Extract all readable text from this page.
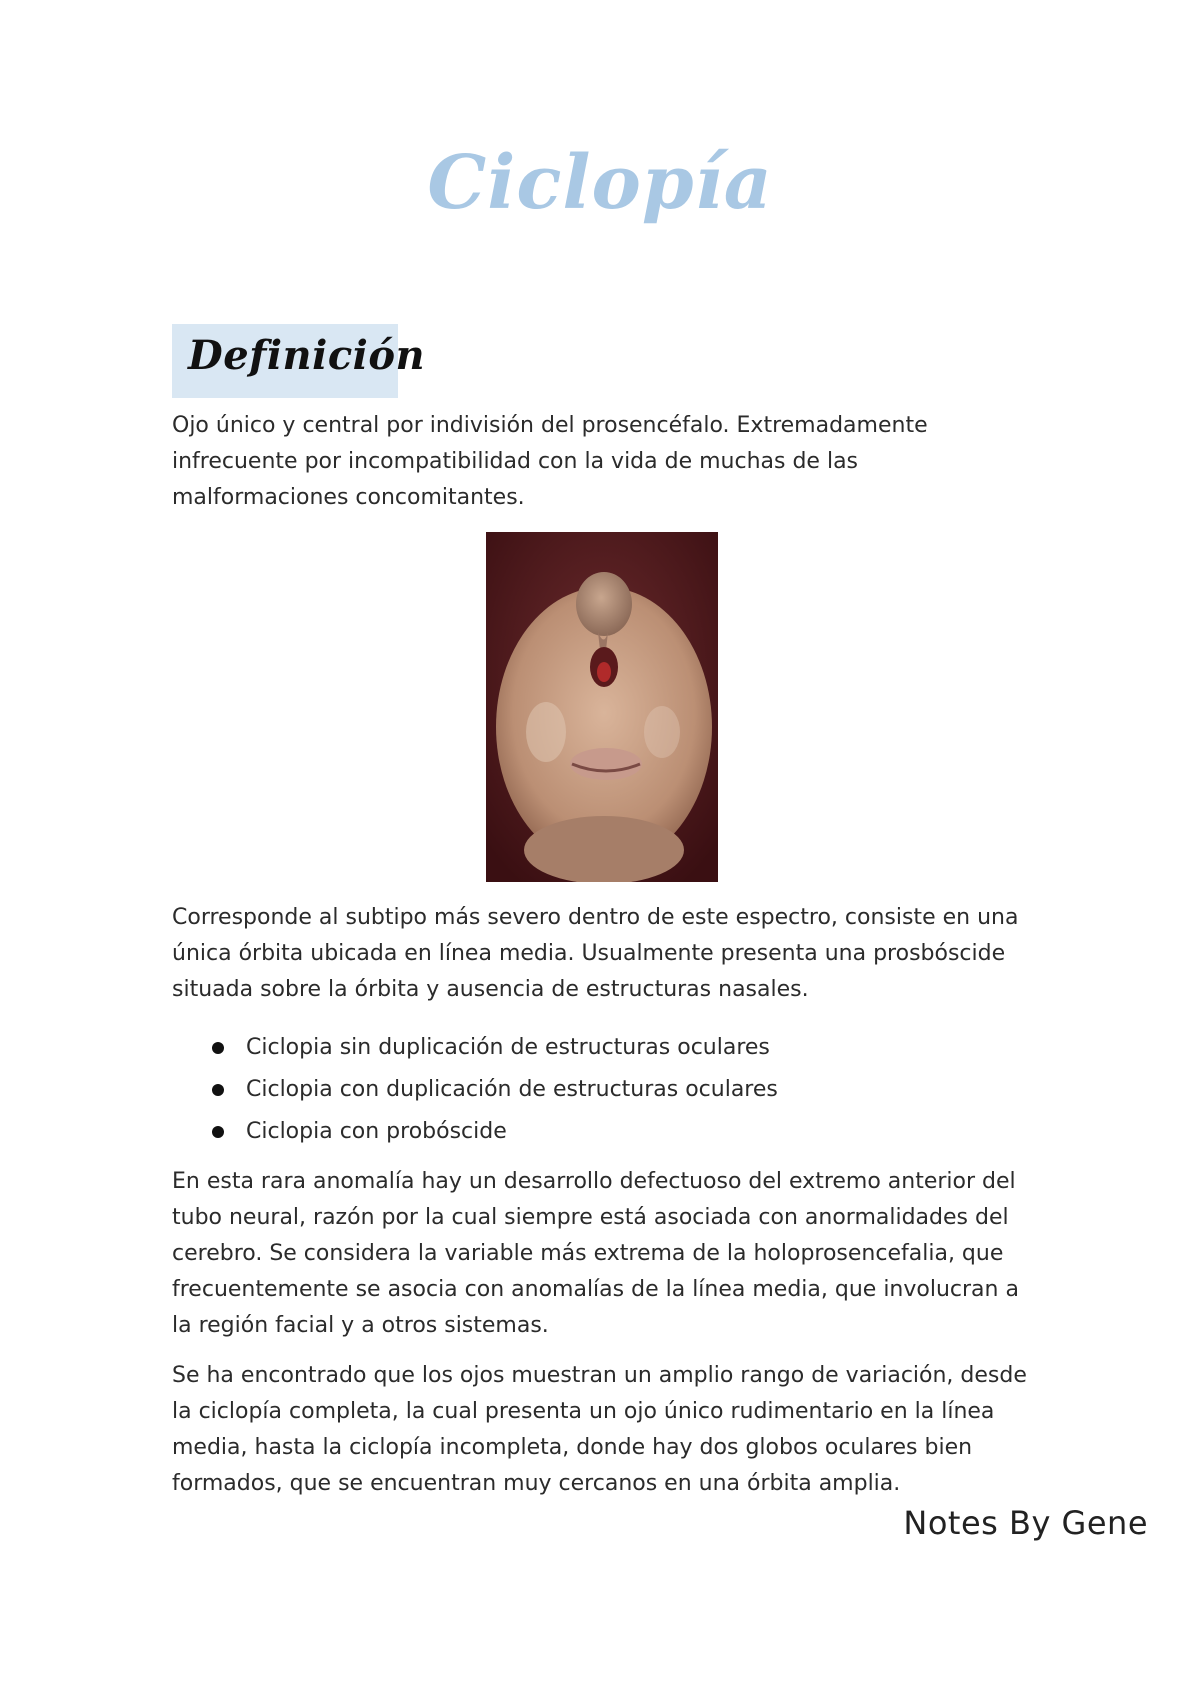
Ciclopía
Definición

Ojo único y central por indivisión del prosencéfalo. Extremadamente infrecuente por incompatibilidad con la vida de muchas de las malformaciones concomitantes.

Corresponde al subtipo más severo dentro de este espectro, consiste en una única órbita ubicada en línea media. Usualmente presenta una prosbóscide situada sobre la órbita y ausencia de estructuras nasales.

Ciclopia sin duplicación de estructuras oculares
Ciclopia con duplicación de estructuras oculares
Ciclopia con probóscide

En esta rara anomalía hay un desarrollo defectuoso del extremo anterior del tubo neural, razón por la cual siempre está asociada con anormalidades del cerebro. Se considera la variable más extrema de la holoprosencefalia, que frecuentemente se asocia con anomalías de la línea media, que involucran a la región facial y a otros sistemas.

Se ha encontrado que los ojos muestran un amplio rango de variación, desde la ciclopía completa, la cual presenta un ojo único rudimentario en la línea media, hasta la ciclopía incompleta, donde hay dos globos oculares bien formados, que se encuentran muy cercanos en una órbita amplia.

Notes By Gene
